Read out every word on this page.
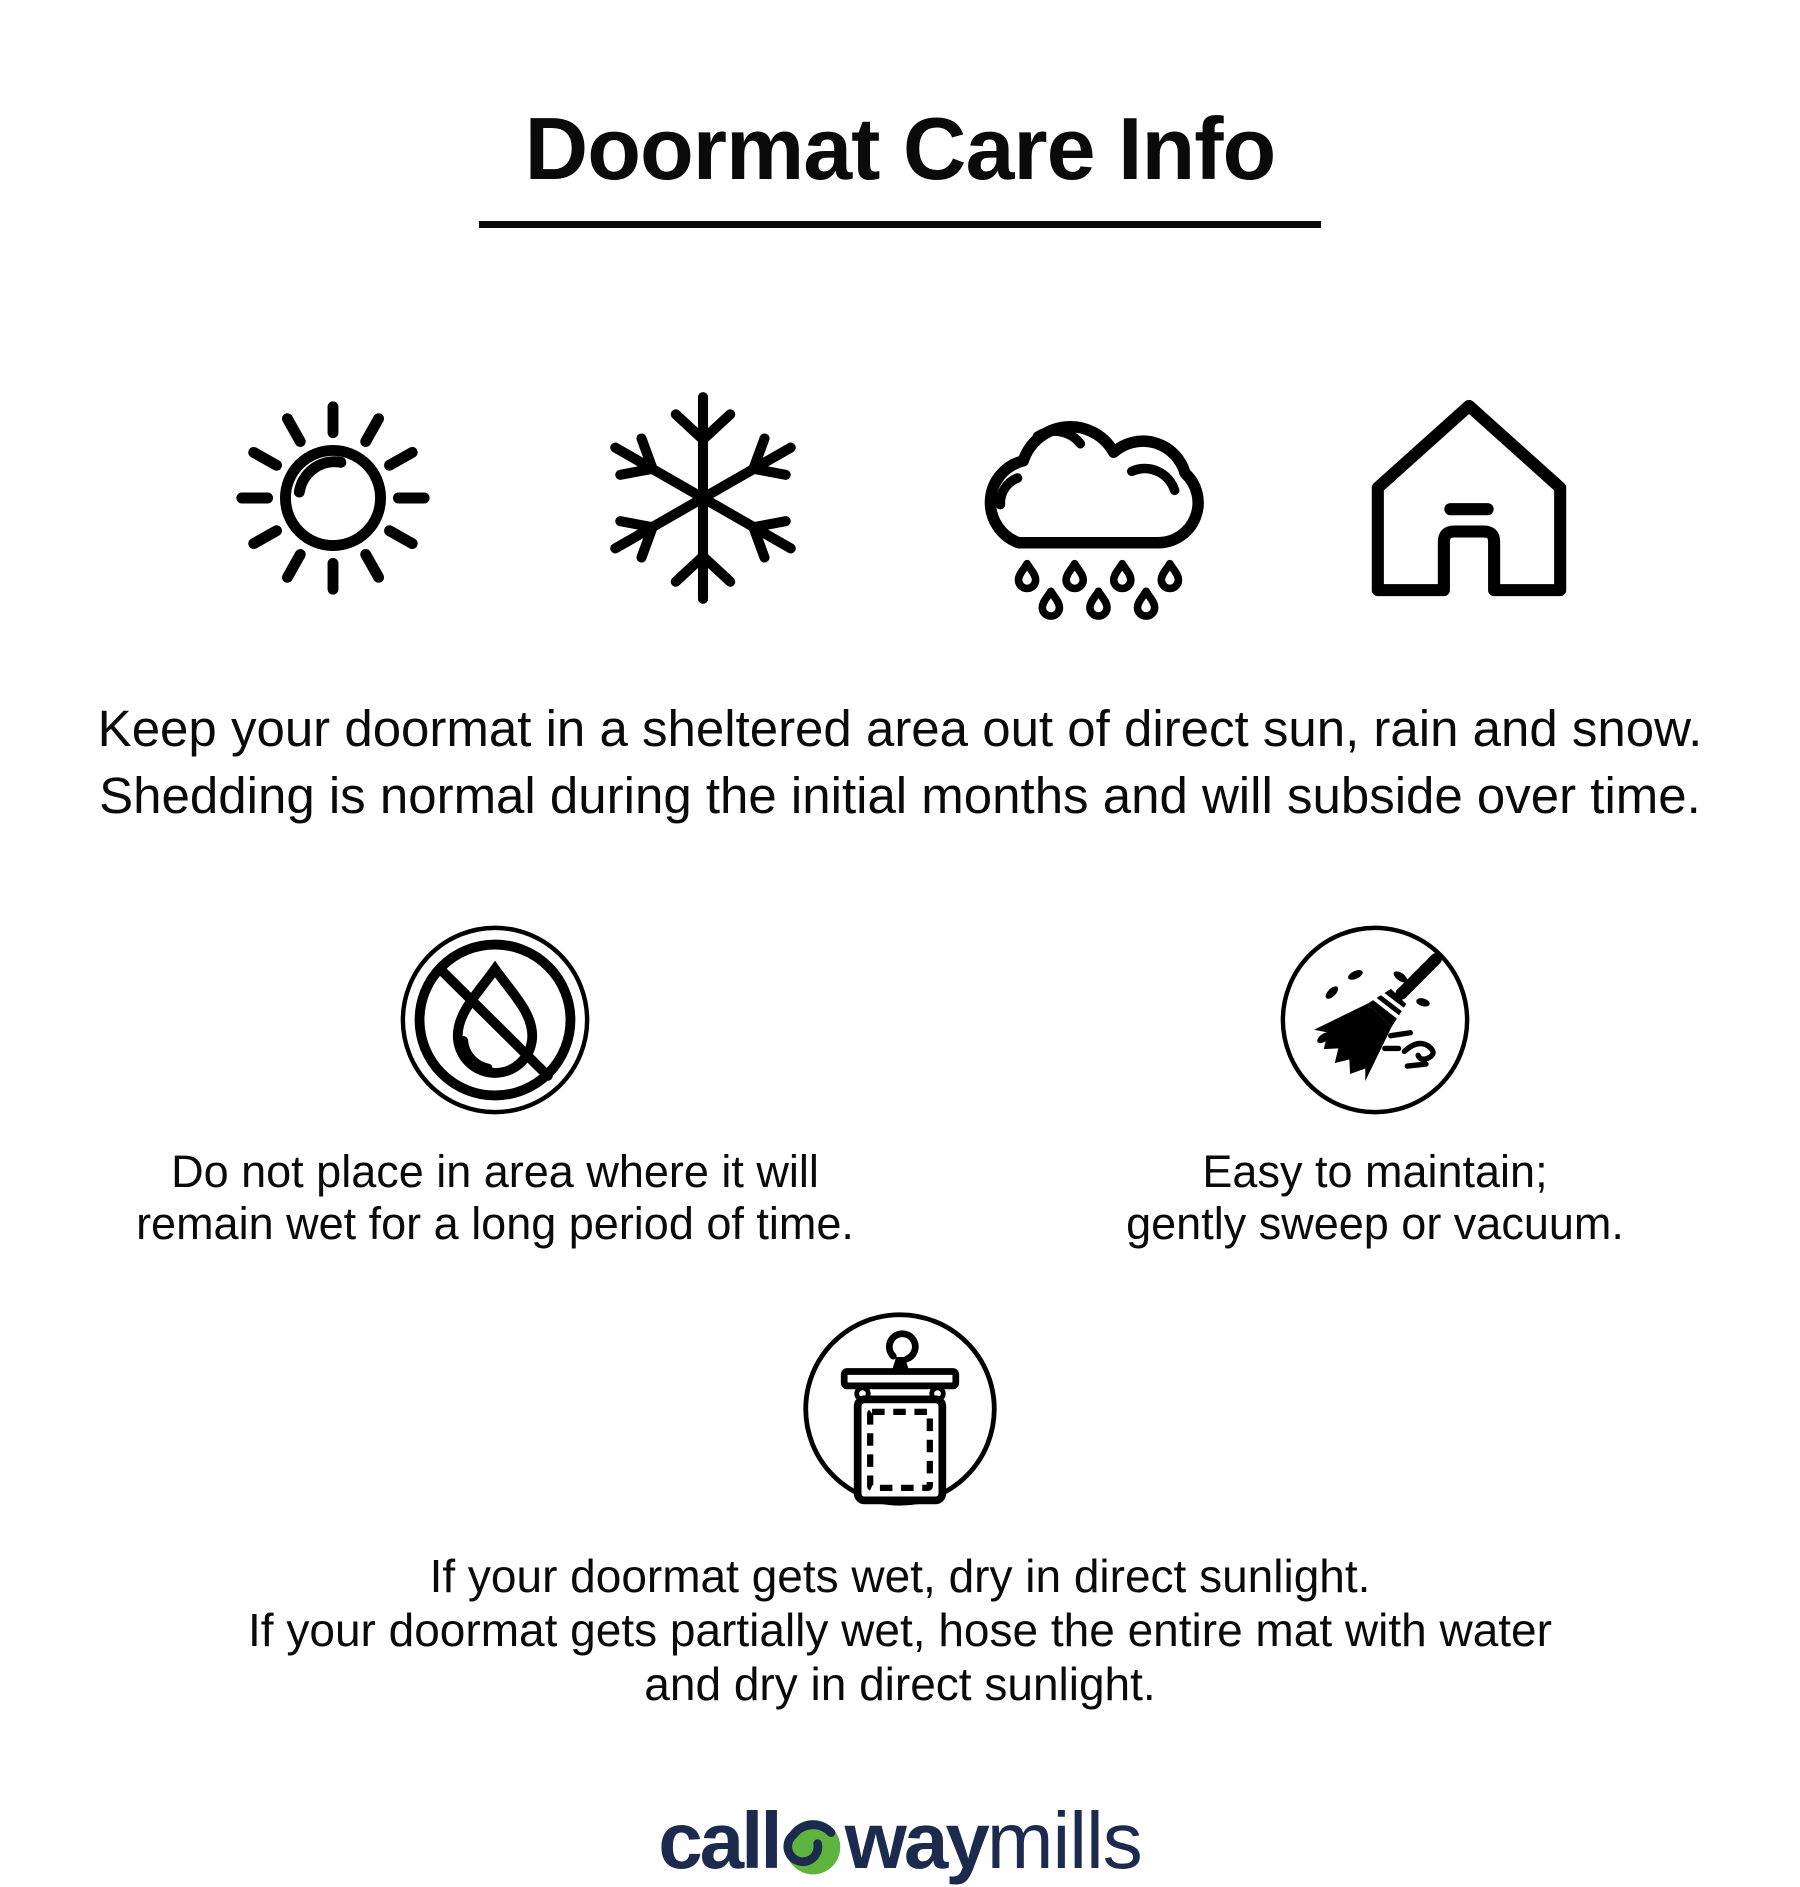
Doormat Care Info
Keep your doormat in a sheltered area out of direct sun, rain and snow.
Shedding is normal during the initial months and will subside over time.
Do not place in area where it will
remain wet for a long period of time.
Easy to maintain;
gently sweep or vacuum.
If your doormat gets wet, dry in direct sunlight.
If your doormat gets partially wet, hose the entire mat with water
and dry in direct sunlight.
call way mills
